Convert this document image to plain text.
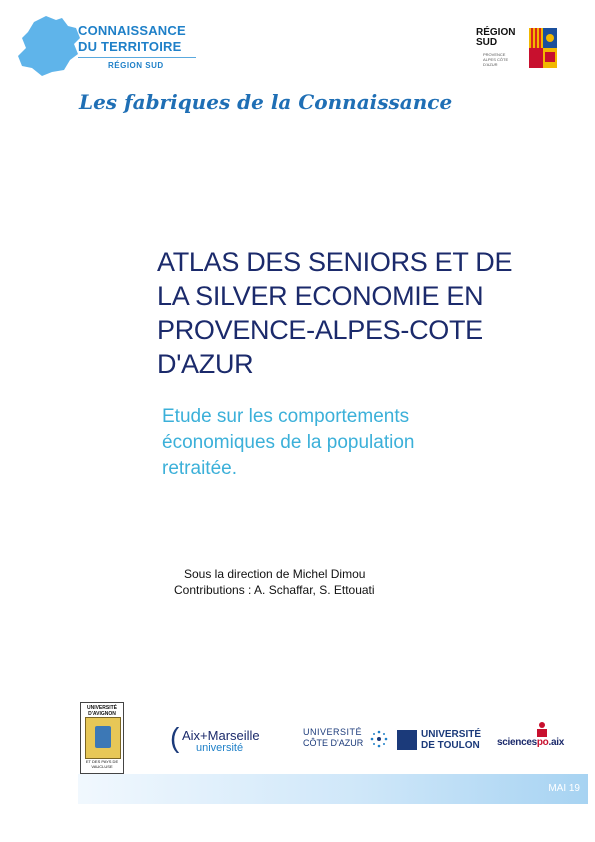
CONNAISSANCE
DU TERRITOIRE
RÉGION SUD
RÉGION
SUD
PROVENCE ALPES CÔTE D'AZUR
Les fabriques de la Connaissance
ATLAS DES SENIORS ET DE
LA SILVER ECONOMIE EN
PROVENCE-ALPES-COTE
D'AZUR
Etude sur les comportements économiques de la population retraitée.
Sous la direction de Michel Dimou
Contributions : A. Schaffar, S. Ettouati
UNIVERSITÉ D'AVIGNON
ET DES PAYS DE VAUCLUSE
( Aix+Marseille
université
UNIVERSITÉ
CÔTE D'AZUR
UNIVERSITÉ
DE TOULON sciencespo.aix
MAI 19
